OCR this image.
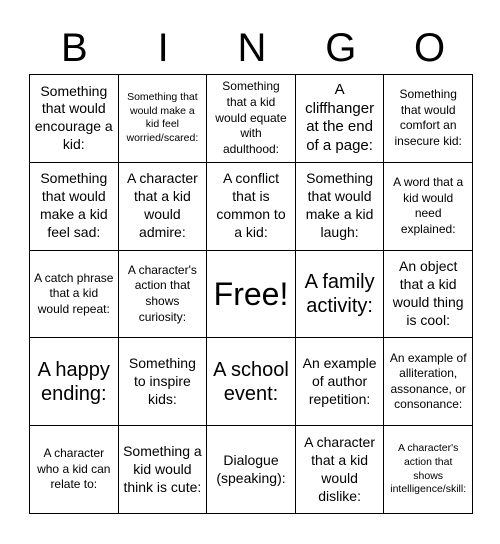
B	I	N	G	O
Something that would encourage a kid:
Something that would make a kid feel worried/scared:
Something that a kid would equate with adulthood:
A cliffhanger at the end of a page:
Something that would comfort an insecure kid:
Something that would make a kid feel sad:
A character that a kid would admire:
A conflict that is common to a kid:
Something that would make a kid laugh:
A word that a kid would need explained:
A catch phrase that a kid would repeat:
A character's action that shows curiosity:
Free! A family activity:
An object that a kid would thing is cool:
A happy ending:
Something to inspire kids:
A school event:
An example of author repetition:
An example of alliteration, assonance, or consonance:
A character who a kid can relate to:
Something a kid would think is cute:
Dialogue (speaking):
A character that a kid would dislike:
A character's action that shows intelligence/skill:
